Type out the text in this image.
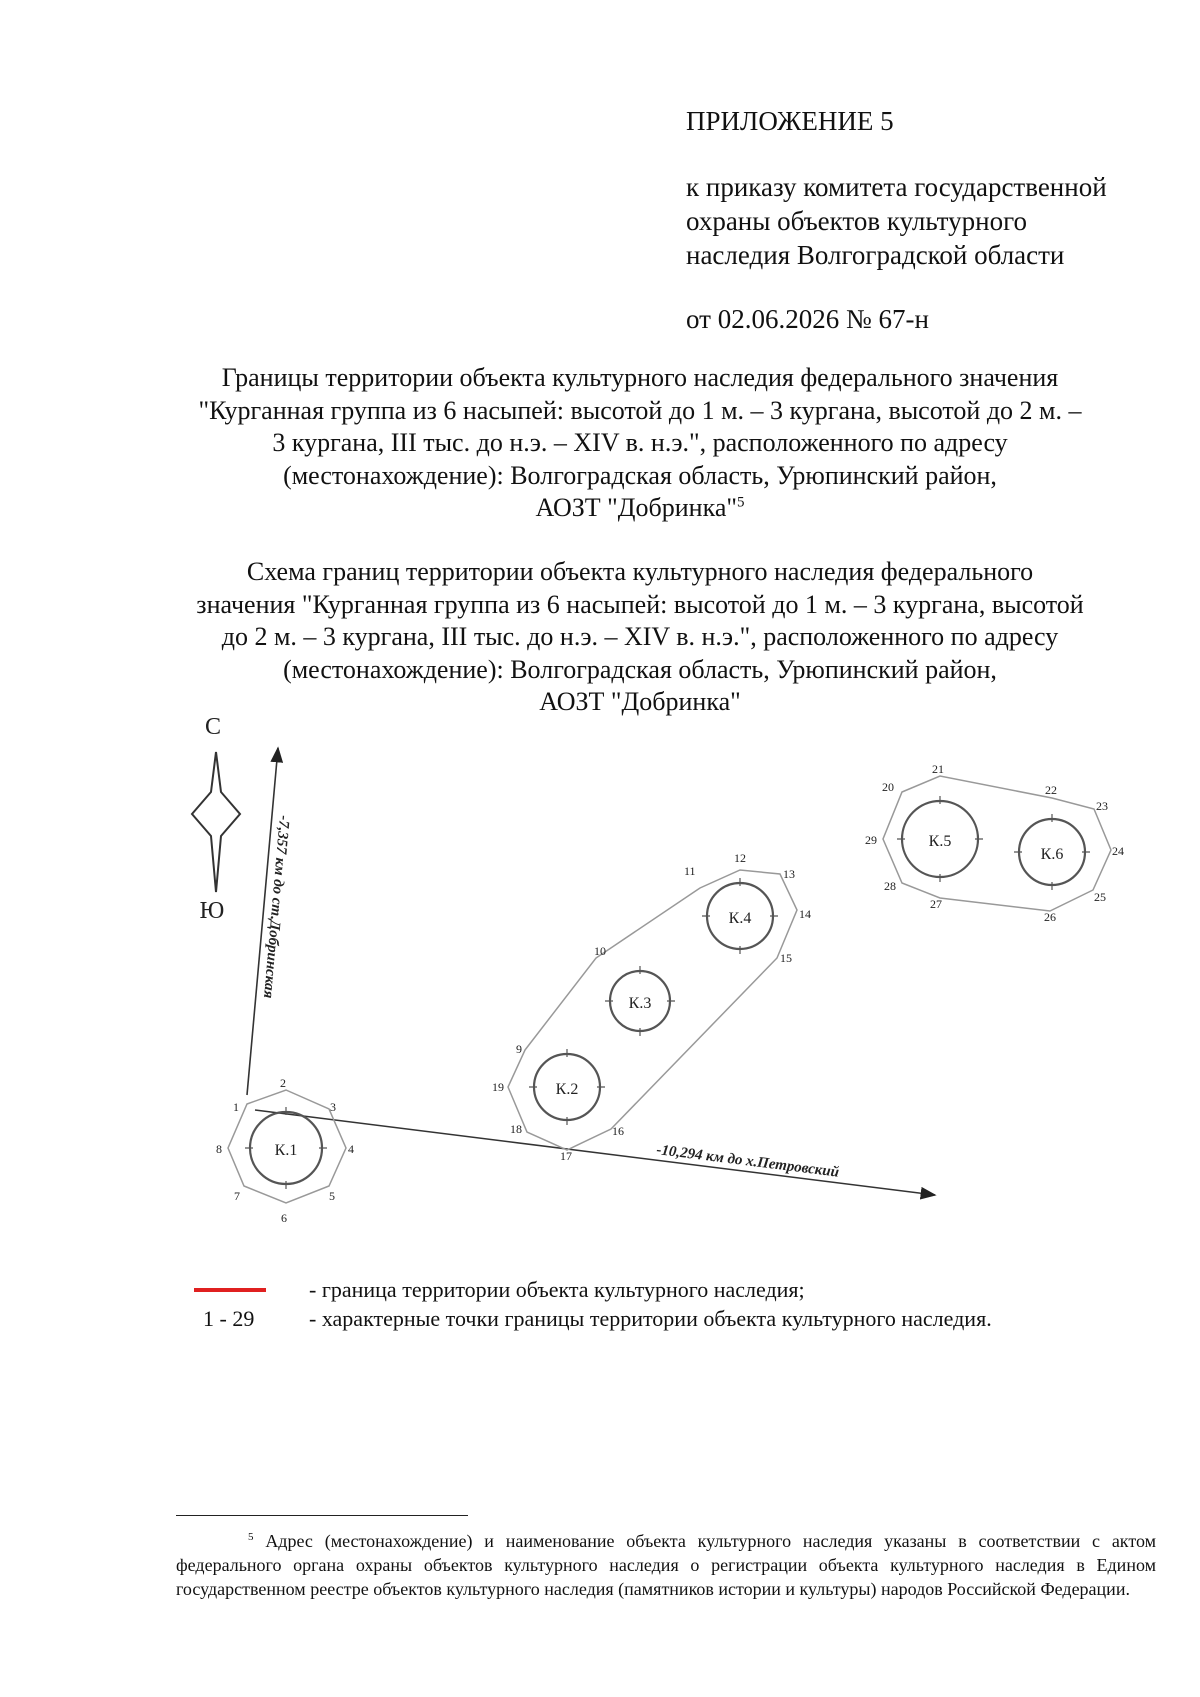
ПРИЛОЖЕНИЕ 5
к приказу комитета государственной
охраны объектов культурного
наследия Волгоградской области
от 02.06.2026 № 67-н
Границы территории объекта культурного наследия федерального значения
"Курганная группа из 6 насыпей: высотой до 1 м. – 3 кургана, высотой до 2 м. –
3 кургана, III тыс. до н.э. – XIV в. н.э.", расположенного по адресу
(местонахождение): Волгоградская область, Урюпинский район,
АОЗТ "Добринка"$^5$
Схема границ территории объекта культурного наследия федерального
значения "Курганная группа из 6 насыпей: высотой до 1 м. – 3 кургана, высотой
до 2 м. – 3 кургана, III тыс. до н.э. – XIV в. н.э.", расположенного по адресу
(местонахождение): Волгоградская область, Урюпинский район,
АОЗТ "Добринка"
С
Ю -7,357 км до ст.Добринская
-10,294 км до х.Петровский
К.1
К.2
К.3
К.4
К.5
К.6
1
2
3
4
5
6
7
8
9
10
11
12
13
14
15
16
17
18
19
20
21
22
23
24
25
26
27
28
29
- граница территории объекта культурного наследия;
1 - 29 - характерные точки границы территории объекта культурного наследия.
$^5$ Адрес (местонахождение) и наименование объекта культурного наследия указаны в соответствии с актом федерального органа охраны объектов культурного наследия о регистрации объекта культурного наследия в Едином государственном реестре объектов культурного наследия (памятников истории и культуры) народов Российской Федерации.
